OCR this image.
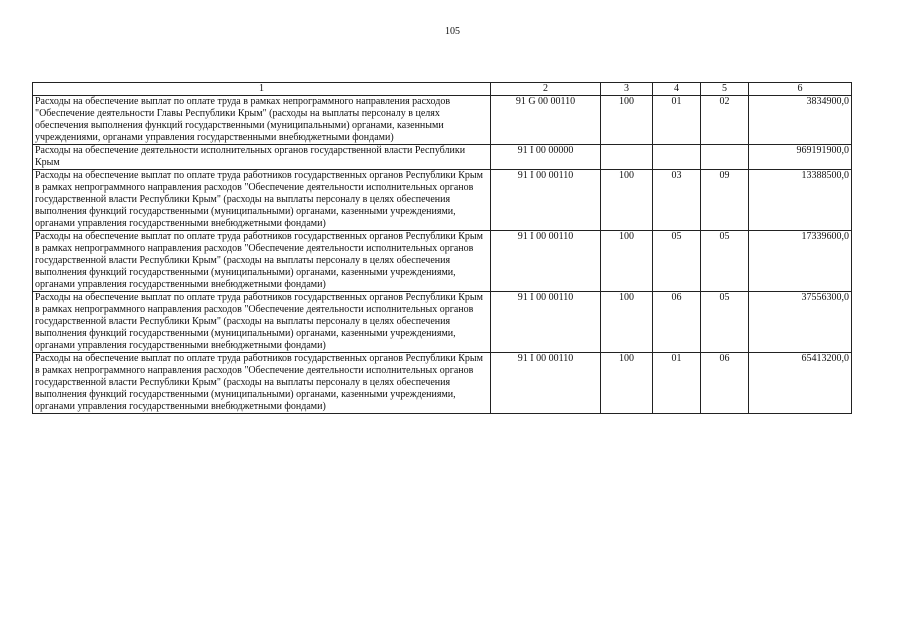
105
1	2	3	4	5	6
Расходы на обеспечение выплат по оплате труда в рамках непрограммного направления расходов "Обеспечение деятельности Главы Республики Крым" (расходы на выплаты персоналу в целях обеспечения выполнения функций государственными (муниципальными) органами, казенными учреждениями, органами управления государственными внебюджетными фондами)	91 G 00 00110	100	01	02	3834900,0
Расходы на обеспечение деятельности исполнительных органов государственной власти Республики Крым	91 I 00 00000				969191900,0
Расходы на обеспечение выплат по оплате труда работников государственных органов Республики Крым в рамках непрограммного направления расходов "Обеспечение деятельности исполнительных органов государственной власти Республики Крым" (расходы на выплаты персоналу в целях обеспечения выполнения функций государственными (муниципальными) органами, казенными учреждениями, органами управления государственными внебюджетными фондами)	91 I 00 00110	100	03	09	13388500,0
Расходы на обеспечение выплат по оплате труда работников государственных органов Республики Крым в рамках непрограммного направления расходов "Обеспечение деятельности исполнительных органов государственной власти Республики Крым" (расходы на выплаты персоналу в целях обеспечения выполнения функций государственными (муниципальными) органами, казенными учреждениями, органами управления государственными внебюджетными фондами)	91 I 00 00110	100	05	05	17339600,0
Расходы на обеспечение выплат по оплате труда работников государственных органов Республики Крым в рамках непрограммного направления расходов "Обеспечение деятельности исполнительных органов государственной власти Республики Крым" (расходы на выплаты персоналу в целях обеспечения выполнения функций государственными (муниципальными) органами, казенными учреждениями, органами управления государственными внебюджетными фондами)	91 I 00 00110	100	06	05	37556300,0
Расходы на обеспечение выплат по оплате труда работников государственных органов Республики Крым в рамках непрограммного направления расходов "Обеспечение деятельности исполнительных органов государственной власти Республики Крым" (расходы на выплаты персоналу в целях обеспечения выполнения функций государственными (муниципальными) органами, казенными учреждениями, органами управления государственными внебюджетными фондами)	91 I 00 00110	100	01	06	65413200,0
